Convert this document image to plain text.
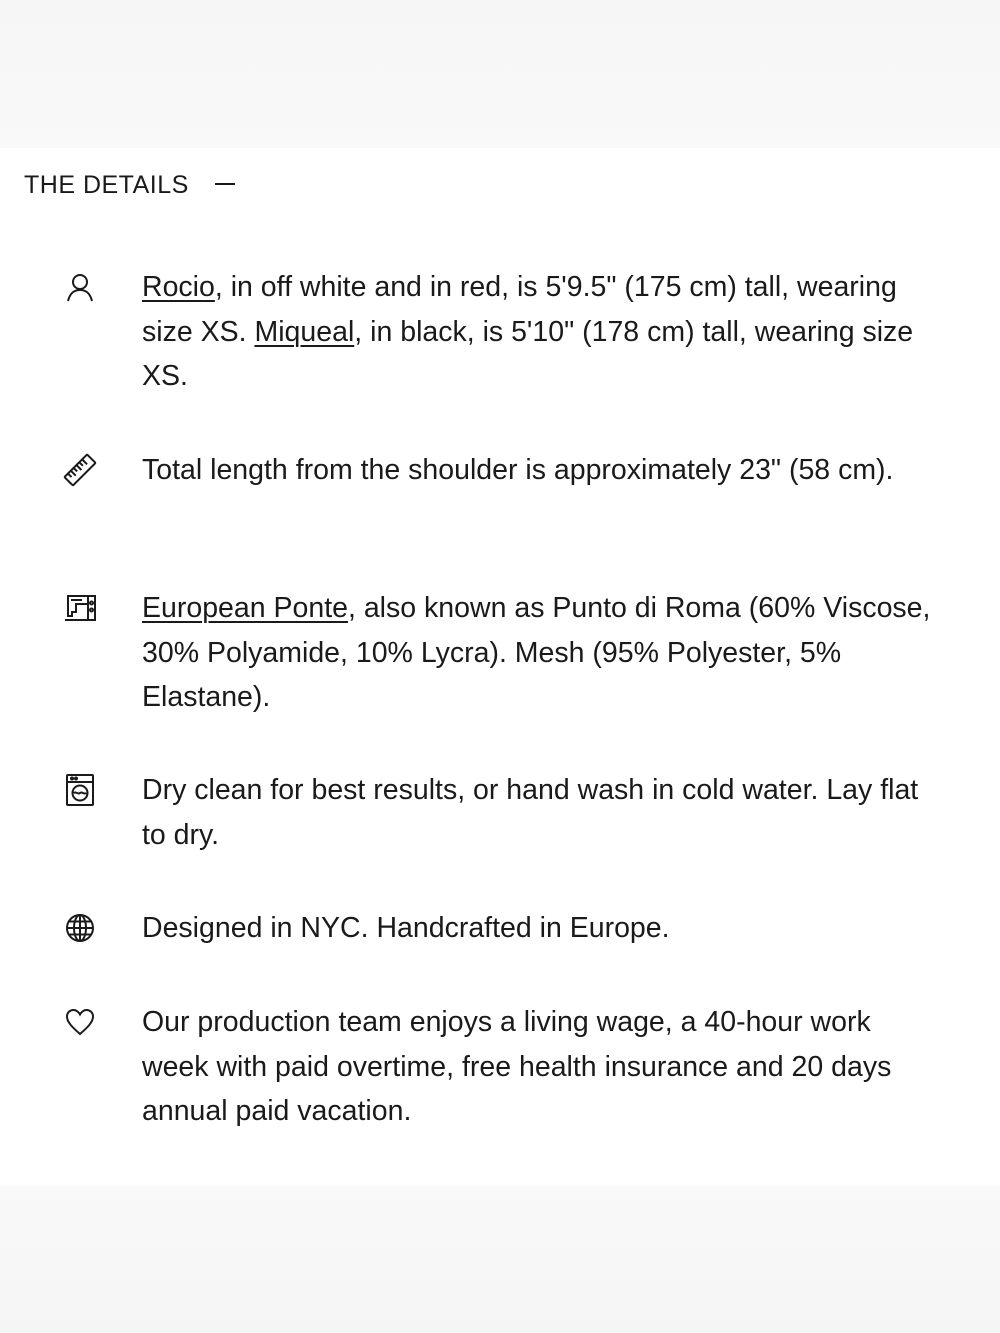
THE DETAILS
Rocio, in off white and in red, is 5'9.5" (175 cm) tall, wearing size XS. Miqueal, in black, is 5'10" (178 cm) tall, wearing size XS.
Total length from the shoulder is approximately 23" (58 cm).
European Ponte, also known as Punto di Roma (60% Viscose, 30% Polyamide, 10% Lycra). Mesh (95% Polyester, 5% Elastane).
Dry clean for best results, or hand wash in cold water. Lay flat to dry.
Designed in NYC. Handcrafted in Europe.
Our production team enjoys a living wage, a 40-hour work week with paid overtime, free health insurance and 20 days annual paid vacation.
